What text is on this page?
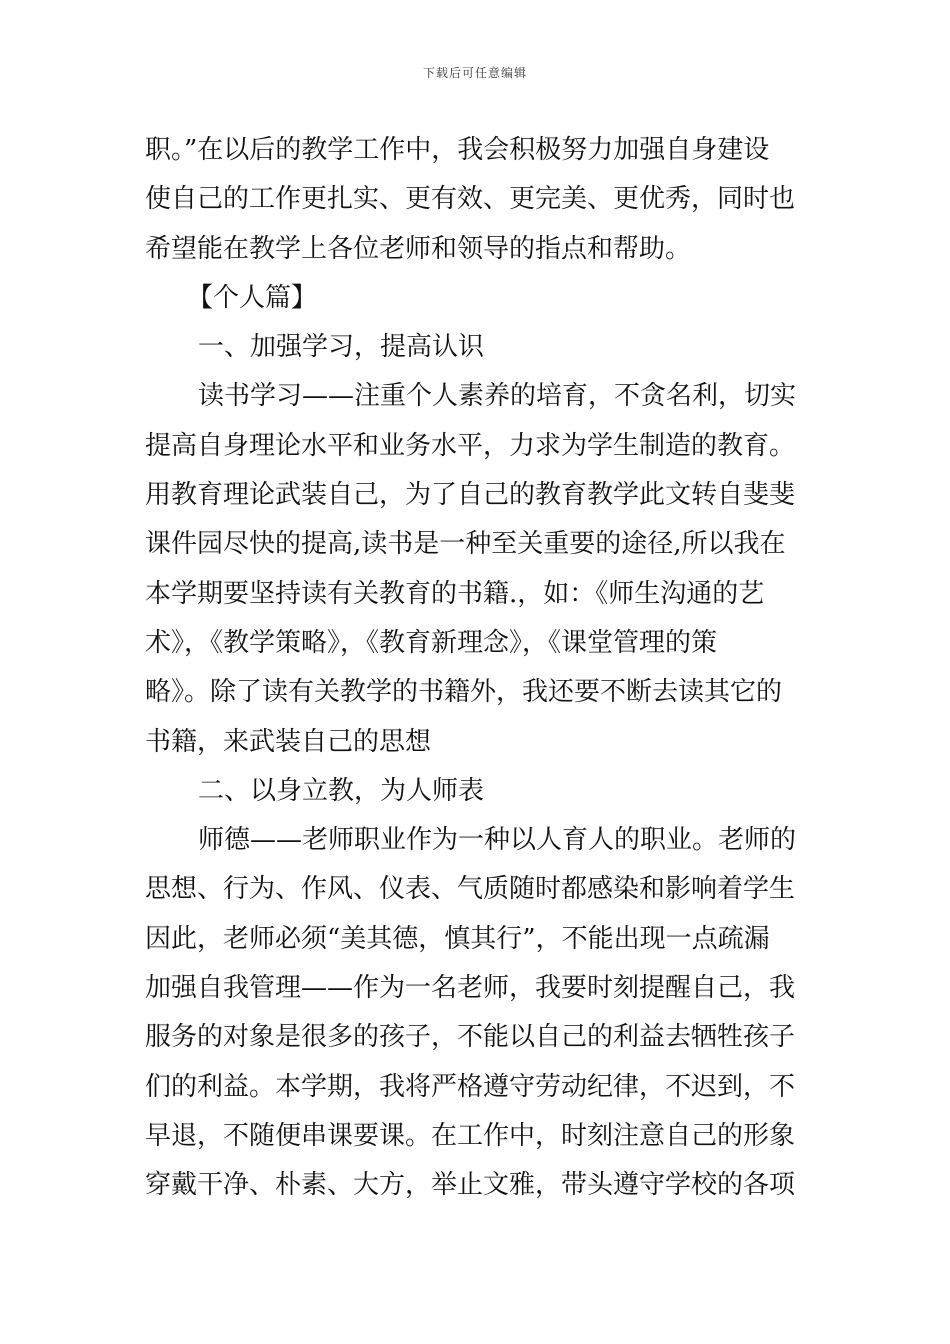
下载后可任意编辑
职。”在以后的教学工作中，我会积极努力加强自身建设
使自己的工作更扎实、更有效、更完美、更优秀，同时也
希望能在教学上各位老师和领导的指点和帮助。
【个人篇】
一、加强学习，提高认识
读书学习——注重个人素养的培育，不贪名利，切实
提高自身理论水平和业务水平，力求为学生制造的教育。
用教育理论武装自己，为了自己的教育教学此文转自斐斐
课件园尽快的提高,读书是一种至关重要的途径,所以我在
本学期要坚持读有关教育的书籍.，如：《师生沟通的艺
术》，《教学策略》，《教育新理念》，《课堂管理的策
略》。除了读有关教学的书籍外，我还要不断去读其它的
书籍，来武装自己的思想
二、以身立教，为人师表
师德——老师职业作为一种以人育人的职业。老师的
思想、行为、作风、仪表、气质随时都感染和影响着学生
因此，老师必须“美其德，慎其行”，不能出现一点疏漏
加强自我管理——作为一名老师，我要时刻提醒自己，我
服务的对象是很多的孩子，不能以自己的利益去牺牲孩子
们的利益。本学期，我将严格遵守劳动纪律，不迟到，不
早退，不随便串课要课。在工作中，时刻注意自己的形象
穿戴干净、朴素、大方，举止文雅，带头遵守学校的各项
